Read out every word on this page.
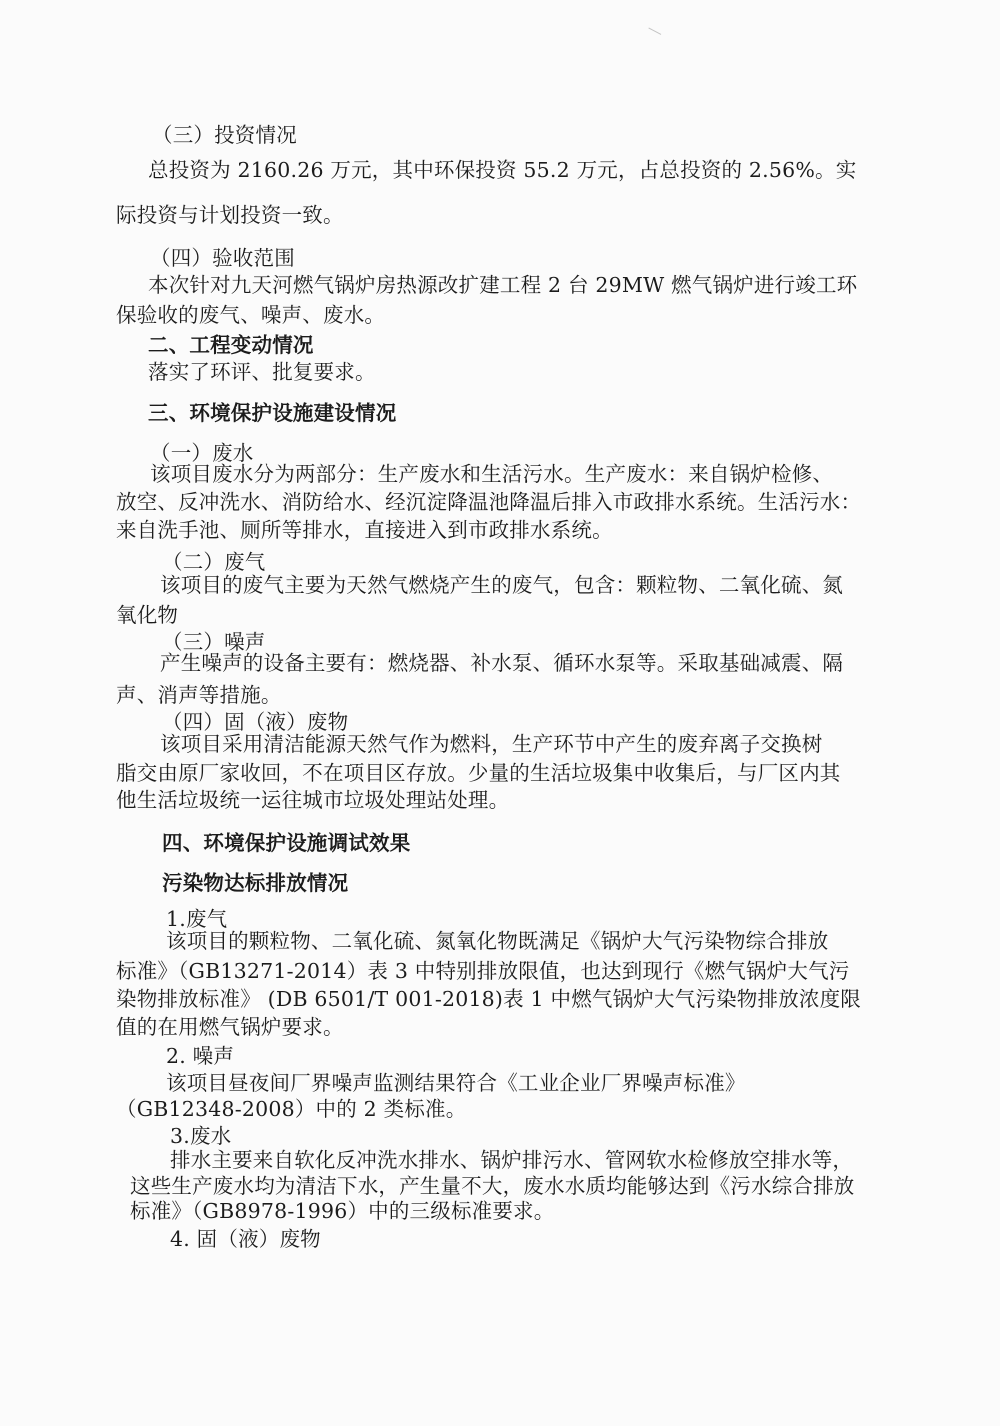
（三）投资情况

总投资为 2160.26 万元，其中环保投资 55.2 万元，占总投资的 2.56%。实

际投资与计划投资一致。

（四）验收范围

本次针对九天河燃气锅炉房热源改扩建工程 2 台 29MW 燃气锅炉进行竣工环

保验收的废气、噪声、废水。

二、工程变动情况

落实了环评、批复要求。

三、环境保护设施建设情况

（一）废水

该项目废水分为两部分：生产废水和生活污水。生产废水：来自锅炉检修、

放空、反冲洗水、消防给水、经沉淀降温池降温后排入市政排水系统。生活污水：

来自洗手池、厕所等排水，直接进入到市政排水系统。

（二）废气

该项目的废气主要为天然气燃烧产生的废气，包含：颗粒物、二氧化硫、氮

氧化物

（三）噪声

产生噪声的设备主要有：燃烧器、补水泵、循环水泵等。采取基础减震、隔

声、消声等措施。

（四）固（液）废物

该项目采用清洁能源天然气作为燃料，生产环节中产生的废弃离子交换树

脂交由原厂家收回，不在项目区存放。少量的生活垃圾集中收集后，与厂区内其

他生活垃圾统一运往城市垃圾处理站处理。

四、环境保护设施调试效果

污染物达标排放情况

1.废气

该项目的颗粒物、二氧化硫、氮氧化物既满足《锅炉大气污染物综合排放

标准》（GB13271-2014）表 3 中特别排放限值，也达到现行《燃气锅炉大气污

染物排放标准》 (DB 6501/T 001-2018)表 1 中燃气锅炉大气污染物排放浓度限

值的在用燃气锅炉要求。

2. 噪声

该项目昼夜间厂界噪声监测结果符合《工业企业厂界噪声标准》

（GB12348-2008）中的 2 类标准。

3.废水

排水主要来自软化反冲洗水排水、锅炉排污水、管网软水检修放空排水等，

这些生产废水均为清洁下水，产生量不大，废水水质均能够达到《污水综合排放

标准》（GB8978-1996）中的三级标准要求。

4. 固（液）废物
